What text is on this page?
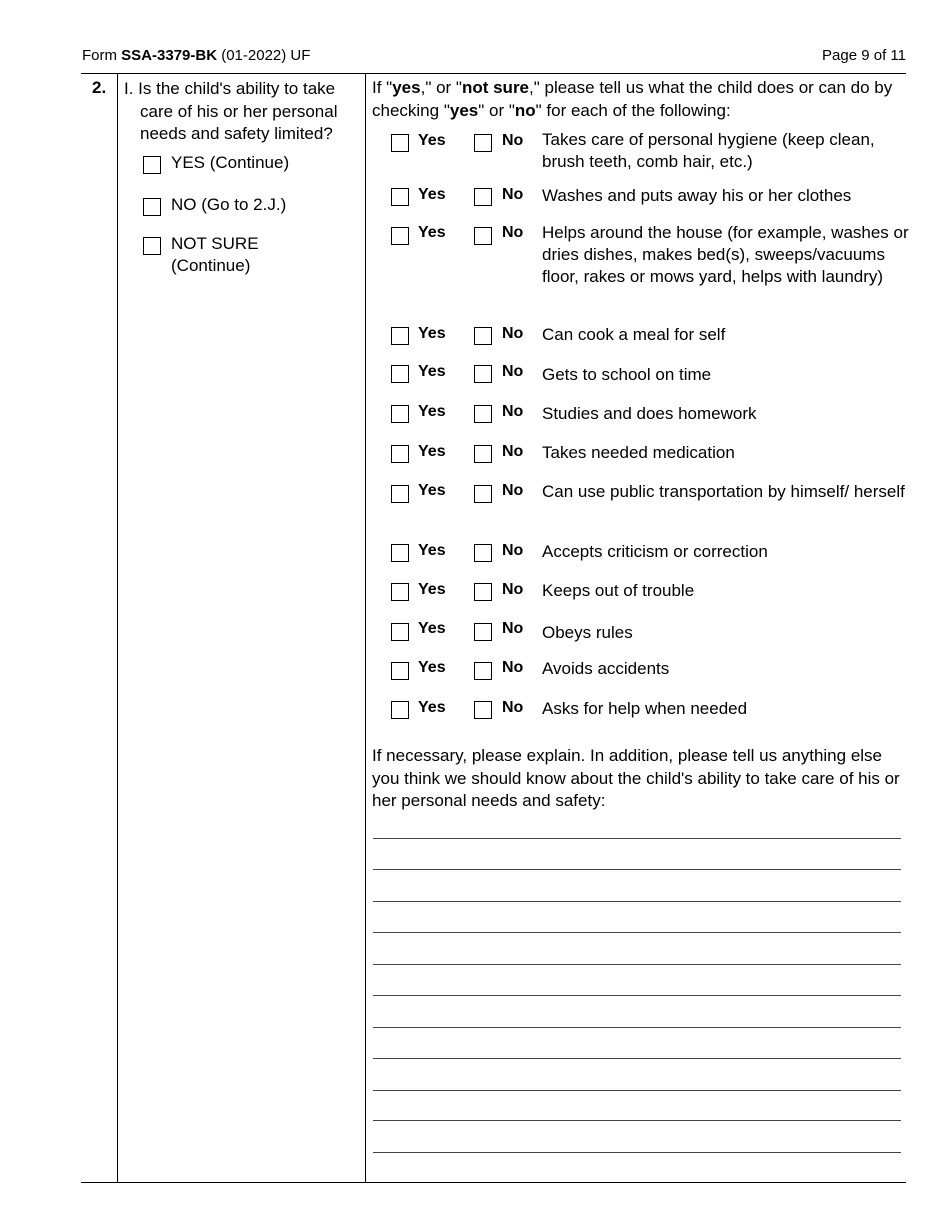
Form SSA-3379-BK (01-2022) UF	Page 9 of 11
2. I. Is the child's ability to take
care of his or her personal needs and safety limited?
YES (Continue)
NO (Go to 2.J.)
NOT SURE (Continue)
If "yes," or "not sure," please tell us what the child does or can do by checking "yes" or "no" for each of the following:
Yes	No Takes care of personal hygiene (keep clean, brush teeth, comb hair, etc.)
Yes	No Washes and puts away his or her clothes
Yes	No Helps around the house (for example, washes or dries dishes, makes bed(s), sweeps/vacuums floor, rakes or mows yard, helps with laundry)
Yes	No Can cook a meal for self
Yes	No Gets to school on time
Yes	No Studies and does homework
Yes	No Takes needed medication
Yes	No Can use public transportation by himself/ herself
Yes	No Accepts criticism or correction
Yes	No Keeps out of trouble
Yes	No Obeys rules
Yes	No Avoids accidents
Yes	No Asks for help when needed
If necessary, please explain. In addition, please tell us anything else you think we should know about the child's ability to take care of his or her personal needs and safety:
